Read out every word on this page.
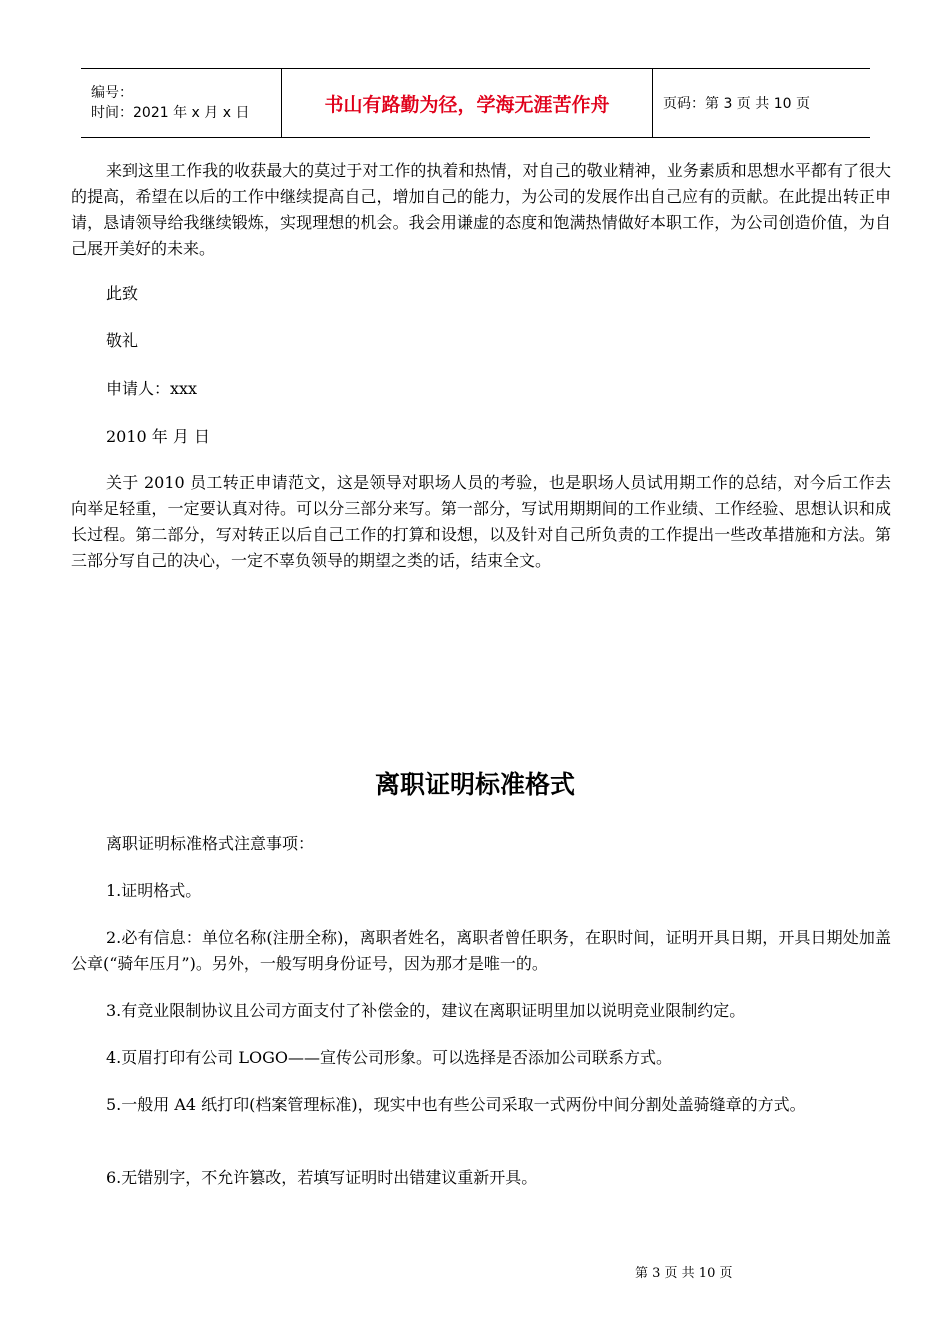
编号：
时间：2021 年 x 月 x 日	书山有路勤为径，学海无涯苦作舟	页码：第 3 页 共 10 页

来到这里工作我的收获最大的莫过于对工作的执着和热情，对自己的敬业精神，业务素质和思想水平都有了很大的提高，希望在以后的工作中继续提高自己，增加自己的能力，为公司的发展作出自己应有的贡献。在此提出转正申请，恳请领导给我继续锻炼，实现理想的机会。我会用谦虚的态度和饱满热情做好本职工作，为公司创造价值，为自己展开美好的未来。

此致
敬礼
申请人：xxx
2010 年 月 日

关于 2010 员工转正申请范文，这是领导对职场人员的考验，也是职场人员试用期工作的总结，对今后工作去向举足轻重，一定要认真对待。可以分三部分来写。第一部分，写试用期期间的工作业绩、工作经验、思想认识和成长过程。第二部分，写对转正以后自己工作的打算和设想，以及针对自己所负责的工作提出一些改革措施和方法。第三部分写自己的决心，一定不辜负领导的期望之类的话，结束全文。

离职证明标准格式
离职证明标准格式注意事项：
1.证明格式。

2.必有信息：单位名称(注册全称)，离职者姓名，离职者曾任职务，在职时间，证明开具日期，开具日期处加盖公章(“骑年压月”)。另外，一般写明身份证号，因为那才是唯一的。

3.有竞业限制协议且公司方面支付了补偿金的，建议在离职证明里加以说明竞业限制约定。
4.页眉打印有公司 LOGO——宣传公司形象。可以选择是否添加公司联系方式。

5.一般用 A4 纸打印(档案管理标准)，现实中也有些公司采取一式两份中间分割处盖骑缝章的方式。

6.无错别字，不允许篡改，若填写证明时出错建议重新开具。
第 3 页 共 10 页
